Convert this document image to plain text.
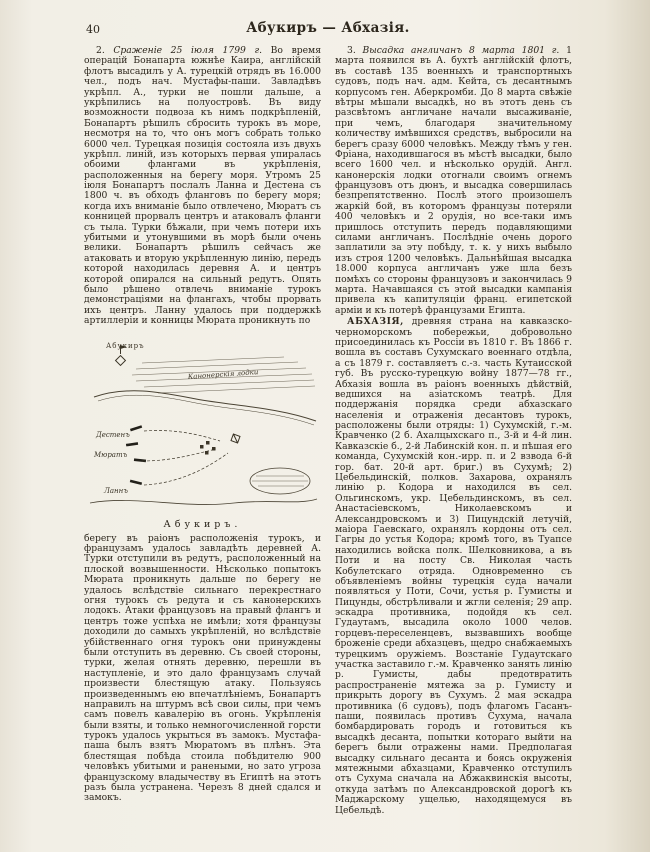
40	Абукиръ — Абхазія.

2. Сраженіе 25 іюля 1799 г. Во время операцій Бонапарта южнѣе Каира, англійскій флотъ высадилъ у А. турецкій отрядъ въ 16.000 чел., подъ нач. Мустафы-паши. Завладѣвъ укрѣпл. А., турки не пошли дальше, а укрѣпились на полуостровѣ. Въ виду возможности подвоза къ нимъ подкрѣпленій, Бонапартъ рѣшилъ сбросить турокъ въ море, несмотря на то, что онъ могъ собрать только 6000 чел. Турецкая позиція состояла изъ двухъ укрѣпл. линій, изъ которыхъ первая упиралась обоими флангами въ укрѣпленія, расположенныя на берегу моря. Утромъ 25 іюля Бонапартъ послалъ Ланна и Дестена съ 1800 ч. въ обходъ фланговъ по берегу моря; когда ихъ вниманіе было отвлечено, Мюратъ съ конницей прорвалъ центръ и атаковалъ фланги съ тыла. Турки бѣжали, при чемъ потери ихъ убитыми и утонувшими въ морѣ были очень велики. Бонапартъ рѣшилъ сейчасъ же атаковать и вторую укрѣпленную линію, передъ которой находилась деревня А. и центръ которой опирался на сильный редутъ. Опять было рѣшено отвлечь вниманіе турокъ демонстраціями на флангахъ, чтобы прорвать ихъ центръ. Ланну удалось при поддержкѣ артиллеріи и конницы Мюрата проникнуть по

Абукиръ
Канонерскія лодки
Дестенъ
Мюратъ
Ланнъ
Абукиръ.

берегу въ раіонъ расположенія турокъ, и французамъ удалось завладѣть деревней А. Турки отступили въ редутъ, расположенный на плоской возвышенности. Нѣсколько попытокъ Мюрата проникнуть дальше по берегу не удалось вслѣдствіе сильнаго перекрестнаго огня турокъ съ редута и съ канонерскихъ лодокъ. Атаки французовъ на правый флангъ и центръ тоже успѣха не имѣли; хотя французы доходили до самыхъ укрѣпленій, но вслѣдствіе убійственнаго огня турокъ они принуждены были отступить въ деревню. Съ своей стороны, турки, желая отнять деревню, перешли въ наступленіе, и это дало французамъ случай произвести блестящую атаку. Пользуясь произведеннымъ ею впечатлѣніемъ, Бонапартъ направилъ на штурмъ всѣ свои силы, при чемъ самъ повелъ кавалерію въ огонь. Укрѣпленія были взяты, и только немногочисленной горсти турокъ удалось укрыться въ замокъ. Мустафа-паша былъ взятъ Мюратомъ въ плѣнъ. Эта блестящая побѣда стоила побѣдителю 900 человѣкъ убитыми и ранеными, но зато угроза французскому владычеству въ Египтѣ на этотъ разъ была устранена. Черезъ 8 дней сдался и замокъ.

3. Высадка англичанъ 8 марта 1801 г. 1 марта появился въ А. бухтѣ англійскій флотъ, въ составѣ 135 военныхъ и транспортныхъ судовъ, подъ нач. адм. Кейта, съ десантнымъ корпусомъ ген. Аберкромби. До 8 марта свѣжіе вѣтры мѣшали высадкѣ, но въ этотъ день съ разсвѣтомъ англичане начали высаживаніе, при чемъ, благодаря значительному количеству имѣвшихся средствъ, выбросили на берегъ сразу 6000 человѣкъ. Между тѣмъ у ген. Фріана, находившагося въ мѣстѣ высадки, было всего 1600 чел. и нѣсколько орудій. Англ. канонерскія лодки отогнали своимъ огнемъ французовъ отъ дюнъ, и высадка совершилась безпрепятственно. Послѣ этого произошелъ жаркій бой, въ которомъ французы потеряли 400 человѣкъ и 2 орудія, но все-таки имъ пришлось отступить передъ подавляющими силами англичанъ. Послѣдніе очень дорого заплатили за эту побѣду, т. к. у нихъ выбыло изъ строя 1200 человѣкъ. Дальнѣйшая высадка 18.000 корпуса англичанъ уже шла безъ помѣхъ со стороны французовъ и закончилась 9 марта. Начавшаяся съ этой высадки кампанія привела къ капитуляціи франц. египетской арміи и къ потерѣ французами Египта.

АБХАЗІЯ, древняя страна на кавказско-черноморскомъ побережьи, добровольно присоединилась къ Россіи въ 1810 г. Въ 1866 г. вошла въ составъ Сухумскаго военнаго отдѣла, а съ 1879 г. составляетъ с.-з. часть Кутаисской губ. Въ русско-турецкую войну 1877—78 гг., Абхазія вошла въ раіонъ военныхъ дѣйствій, ведшихся на азіатскомъ театрѣ. Для поддержанія порядка среди абхазскаго населенія и отраженія десантовъ турокъ, расположены были отряды: 1) Сухумскій, г.-м. Кравченко (2 б. Ахалцыхскаго п., 3-й и 4-й лин. Кавказскіе б., 2-й Лабинскій кон. п. и пѣшая его команда, Сухумскій кон.-ирр. п. и 2 взвода 6-й гор. бат. 20-й арт. бриг.) въ Сухумѣ; 2) Цебельдинскій, полков. Захарова, охранялъ линію р. Кодора и находился въ сел. Ольгинскомъ, укр. Цебельдинскомъ, въ сел. Анастасіевскомъ, Николаевскомъ и Александровскомъ и 3) Пицундскій летучій, маіора Гаевскаго, охранялъ кордоны отъ сел. Гагры до устья Кодора; кромѣ того, въ Туапсе находились войска полк. Шелковникова, а въ Поти и на посту Св. Николая часть Кобулетскаго отряда. Одновременно съ объявленіемъ войны турецкія суда начали появляться у Поти, Сочи, устья р. Гумисты и Пицунды, обстрѣливали и жгли селенія; 29 апр. эскадра противника, подойдя къ сел. Гудаутамъ, высадила около 1000 челов. горцевъ-переселенцевъ, вызвавшихъ вообще броженіе среди абхазцевъ, щедро снабжаемыхъ турецкимъ оружіемъ. Возстаніе Гудаутскаго участка заставило г.-м. Кравченко занять линію р. Гумисты, дабы предотвратить распространеніе мятежа за р. Гумисту и прикрыть дорогу въ Сухумъ. 2 мая эскадра противника (6 судовъ), подъ флагомъ Гасанъ-паши, появилась противъ Сухума, начала бомбардировать городъ и готовиться къ высадкѣ десанта, попытки котораго выйти на берегъ были отражены нами. Предполагая высадку сильнаго десанта и боясь окруженія мятежными абхазцами, Кравченко отступилъ отъ Сухума сначала на Абжаквинскія высоты, откуда затѣмъ по Александровской дорогѣ къ Маджарскому ущелью, находящемуся въ Цебельдѣ.
